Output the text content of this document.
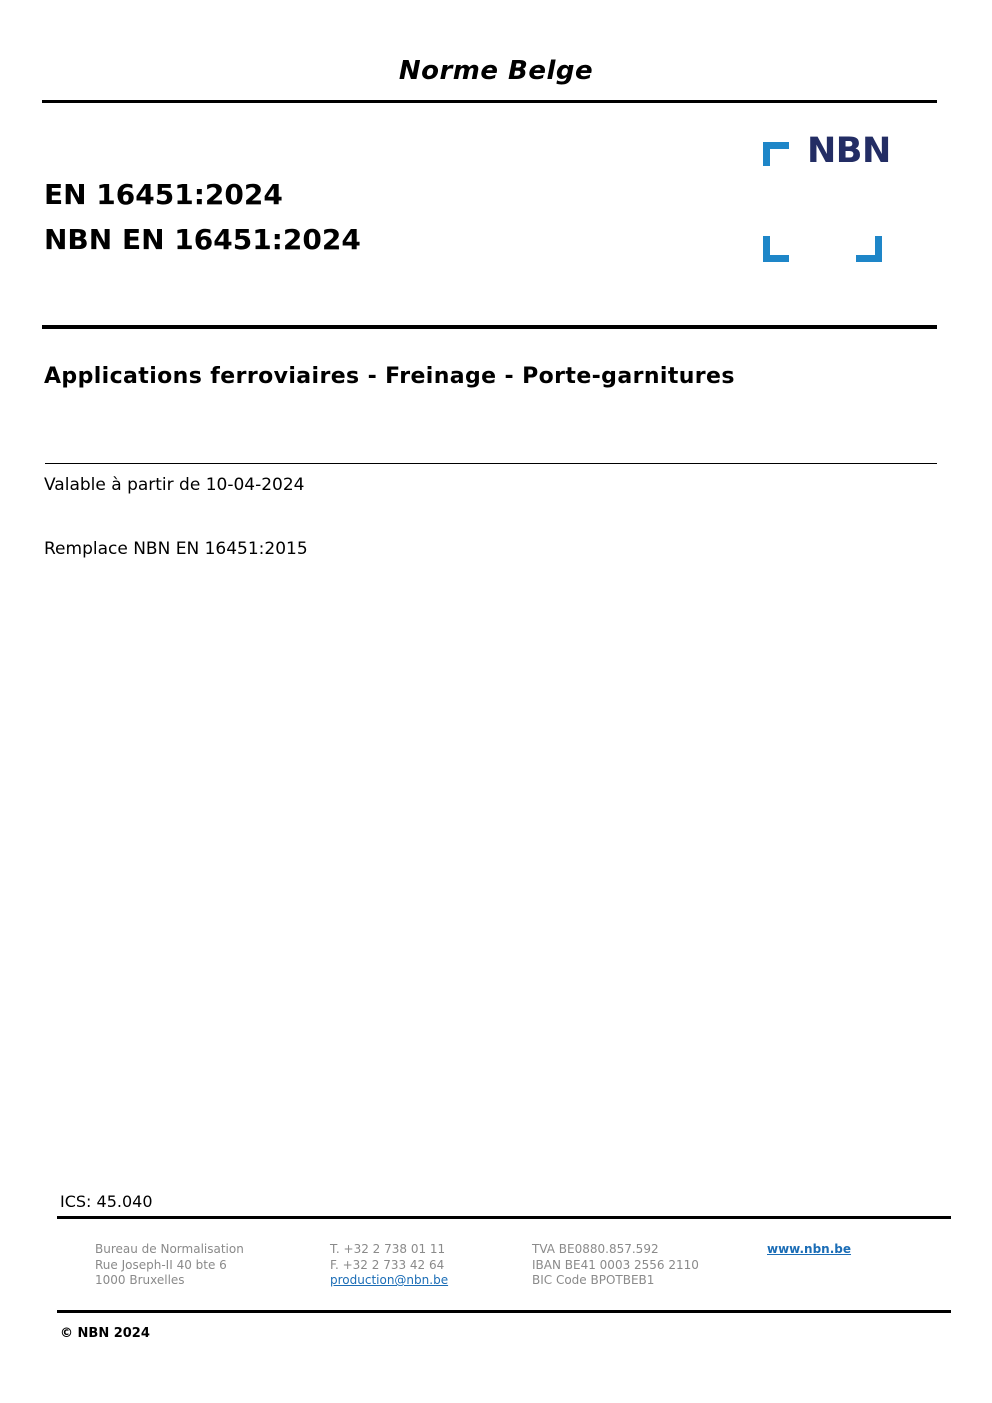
Norme Belge
NBN
EN 16451:2024
NBN EN 16451:2024
Applications ferroviaires - Freinage - Porte-garnitures
Valable à partir de 10-04-2024
Remplace NBN EN 16451:2015
ICS: 45.040
Bureau de Normalisation
Rue Joseph-II 40 bte 6
1000 Bruxelles
T. +32 2 738 01 11
F. +32 2 733 42 64
production@nbn.be
TVA BE0880.857.592
IBAN BE41 0003 2556 2110
BIC Code BPOTBEB1
www.nbn.be
© NBN 2024
